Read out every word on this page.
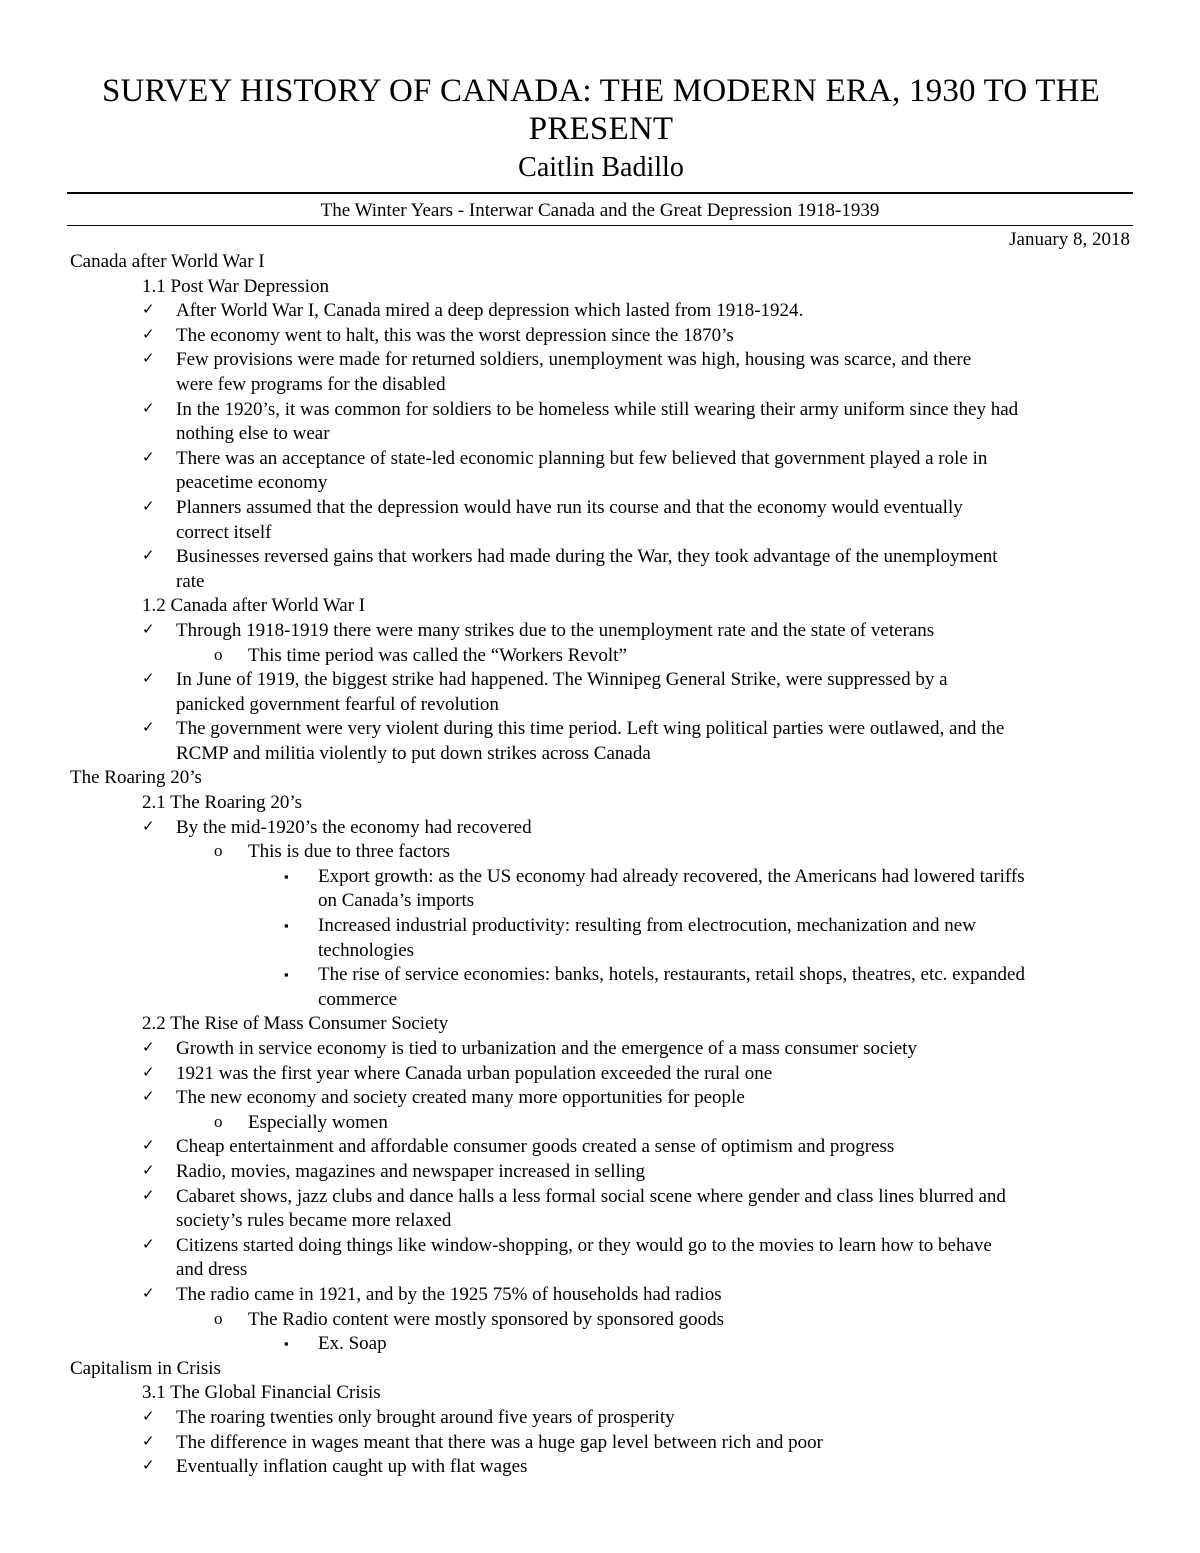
SURVEY HISTORY OF CANADA: THE MODERN ERA, 1930 TO THE PRESENT
Caitlin Badillo
The Winter Years - Interwar Canada and the Great Depression 1918-1939
January 8, 2018
Canada after World War I
1.1 Post War Depression
✓ After World War I, Canada mired a deep depression which lasted from 1918-1924.
✓ The economy went to halt, this was the worst depression since the 1870’s
✓ Few provisions were made for returned soldiers, unemployment was high, housing was scarce, and there
were few programs for the disabled
✓ In the 1920’s, it was common for soldiers to be homeless while still wearing their army uniform since they had
nothing else to wear
✓ There was an acceptance of state-led economic planning but few believed that government played a role in
peacetime economy
✓ Planners assumed that the depression would have run its course and that the economy would eventually
correct itself
✓ Businesses reversed gains that workers had made during the War, they took advantage of the unemployment
rate
1.2 Canada after World War I
✓ Through 1918-1919 there were many strikes due to the unemployment rate and the state of veterans
o This time period was called the “Workers Revolt”
✓ In June of 1919, the biggest strike had happened. The Winnipeg General Strike, were suppressed by a
panicked government fearful of revolution
✓ The government were very violent during this time period. Left wing political parties were outlawed, and the
RCMP and militia violently to put down strikes across Canada
The Roaring 20’s
2.1 The Roaring 20’s
✓ By the mid-1920’s the economy had recovered
o This is due to three factors
▪ Export growth: as the US economy had already recovered, the Americans had lowered tariffs
on Canada’s imports
▪ Increased industrial productivity: resulting from electrocution, mechanization and new
technologies
▪ The rise of service economies: banks, hotels, restaurants, retail shops, theatres, etc. expanded
commerce
2.2 The Rise of Mass Consumer Society
✓ Growth in service economy is tied to urbanization and the emergence of a mass consumer society
✓ 1921 was the first year where Canada urban population exceeded the rural one
✓ The new economy and society created many more opportunities for people
o Especially women
✓ Cheap entertainment and affordable consumer goods created a sense of optimism and progress
✓ Radio, movies, magazines and newspaper increased in selling
✓ Cabaret shows, jazz clubs and dance halls a less formal social scene where gender and class lines blurred and
society’s rules became more relaxed
✓ Citizens started doing things like window-shopping, or they would go to the movies to learn how to behave
and dress
✓ The radio came in 1921, and by the 1925 75% of households had radios
o The Radio content were mostly sponsored by sponsored goods
▪ Ex. Soap
Capitalism in Crisis
3.1 The Global Financial Crisis
✓ The roaring twenties only brought around five years of prosperity
✓ The difference in wages meant that there was a huge gap level between rich and poor
✓ Eventually inflation caught up with flat wages
